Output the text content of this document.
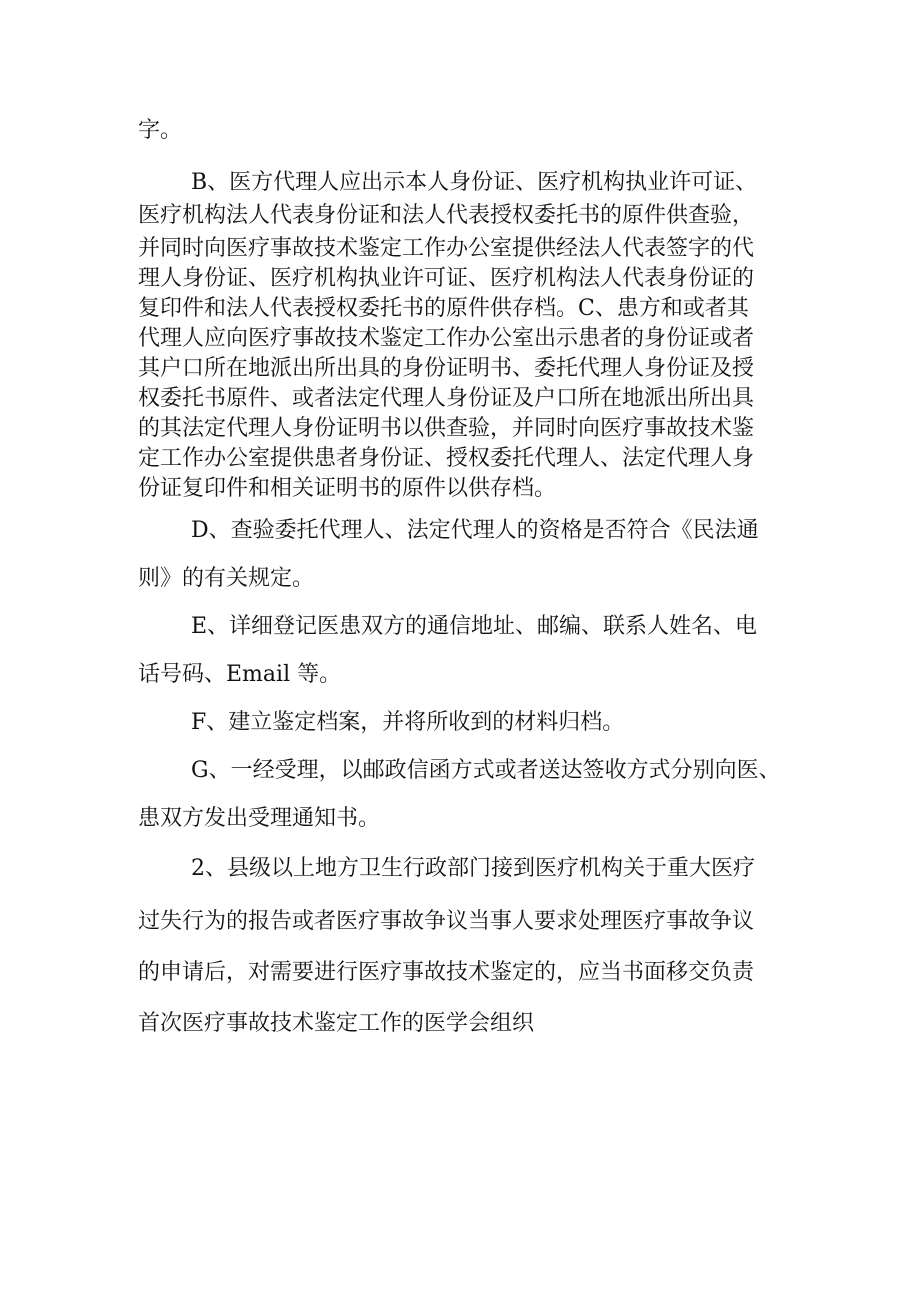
字。
B、医方代理人应出示本人身份证、医疗机构执业许可证、
医疗机构法人代表身份证和法人代表授权委托书的原件供查验，
并同时向医疗事故技术鉴定工作办公室提供经法人代表签字的代
理人身份证、医疗机构执业许可证、医疗机构法人代表身份证的
复印件和法人代表授权委托书的原件供存档。C、患方和或者其
代理人应向医疗事故技术鉴定工作办公室出示患者的身份证或者
其户口所在地派出所出具的身份证明书、委托代理人身份证及授
权委托书原件、或者法定代理人身份证及户口所在地派出所出具
的其法定代理人身份证明书以供查验，并同时向医疗事故技术鉴
定工作办公室提供患者身份证、授权委托代理人、法定代理人身
份证复印件和相关证明书的原件以供存档。
D、查验委托代理人、法定代理人的资格是否符合《民法通
则》的有关规定。
E、详细登记医患双方的通信地址、邮编、联系人姓名、电
话号码、Email 等。
F、建立鉴定档案，并将所收到的材料归档。
G、一经受理，以邮政信函方式或者送达签收方式分别向医、
患双方发出受理通知书。
2、县级以上地方卫生行政部门接到医疗机构关于重大医疗
过失行为的报告或者医疗事故争议当事人要求处理医疗事故争议
的申请后，对需要进行医疗事故技术鉴定的，应当书面移交负责
首次医疗事故技术鉴定工作的医学会组织
